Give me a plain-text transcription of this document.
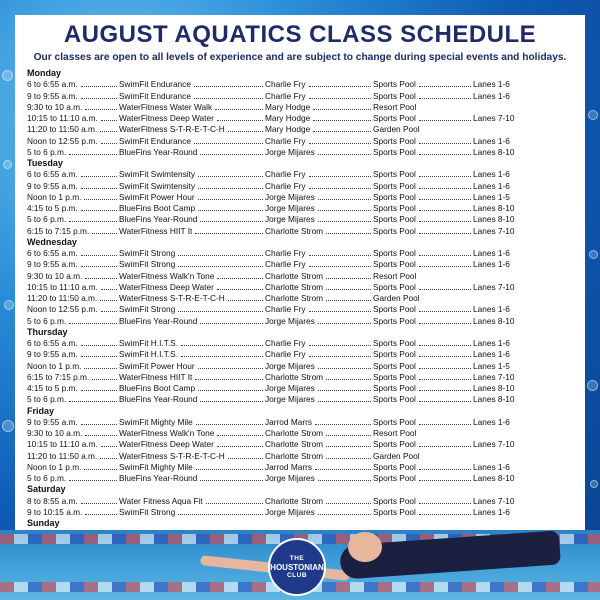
AUGUST AQUATICS CLASS SCHEDULE
Our classes are open to all levels of experience and are subject to change during special events and holidays.
Monday
6 to 6:55 a.m.	SwimFit Endurance	Charlie Fry	Sports Pool	Lanes 1-6
9 to 9:55 a.m.	SwimFit Endurance	Charlie Fry	Sports Pool	Lanes 1-6
9:30 to 10 a.m.	WaterFitness Water Walk	Mary Hodge	Resort Pool
10:15 to 11:10 a.m.	WaterFitness Deep Water	Mary Hodge	Sports Pool	Lanes 7-10
11:20 to 11:50 a.m.	WaterFitness S-T-R-E-T-C-H	Mary Hodge	Garden Pool
Noon to 12:55 p.m.	SwimFit Endurance	Charlie Fry	Sports Pool	Lanes 1-6
5 to 6 p.m.	BlueFins Year-Round	Jorge Mijares	Sports Pool	Lanes 8-10
Tuesday
6 to 6:55 a.m.	SwimFit Swimtensity	Charlie Fry	Sports Pool	Lanes 1-6
9 to 9:55 a.m.	SwimFit Swimtensity	Charlie Fry	Sports Pool	Lanes 1-6
Noon to 1 p.m.	SwimFit Power Hour	Jorge Mijares	Sports Pool	Lanes 1-5
4:15 to 5 p.m.	BlueFins Boot Camp	Jorge Mijares	Sports Pool	Lanes 8-10
5 to 6 p.m.	BlueFins Year-Round	Jorge Mijares	Sports Pool	Lanes 8-10
6:15 to 7:15 p.m.	WaterFitness HIIT It	Charlotte Strom	Sports Pool	Lanes 7-10
Wednesday
6 to 6:55 a.m.	SwimFit Strong	Charlie Fry	Sports Pool	Lanes 1-6
9 to 9:55 a.m.	SwimFit Strong	Charlie Fry	Sports Pool	Lanes 1-6
9:30 to 10 a.m.	WaterFitness Walk'n Tone	Charlotte Strom	Resort Pool
10:15 to 11:10 a.m.	WaterFitness Deep Water	Charlotte Strom	Sports Pool	Lanes 7-10
11:20 to 11:50 a.m.	WaterFitness S-T-R-E-T-C-H	Charlotte Strom	Garden Pool
Noon to 12:55 p.m.	SwimFit Strong	Charlie Fry	Sports Pool	Lanes 1-6
5 to 6 p.m.	BlueFins Year-Round	Jorge Mijares	Sports Pool	Lanes 8-10
Thursday
6 to 6:55 a.m.	SwimFit H.I.T.S.	Charlie Fry	Sports Pool	Lanes 1-6
9 to 9:55 a.m.	SwimFit H.I.T.S.	Charlie Fry	Sports Pool	Lanes 1-6
Noon to 1 p.m.	SwimFit Power Hour	Jorge Mijares	Sports Pool	Lanes 1-5
6:15 to 7:15 p.m.	WaterFitness HIIT It	Charlotte Strom	Sports Pool	Lanes 7-10
4:15 to 5 p.m.	BlueFins Boot Camp	Jorge Mijares	Sports Pool	Lanes 8-10
5 to 6 p.m.	BlueFins Year-Round	Jorge Mijares	Sports Pool	Lanes 8-10
Friday
9 to 9:55 a.m.	SwimFit Mighty Mile	Jarrod Marrs	Sports Pool	Lanes 1-6
9:30 to 10 a.m.	WaterFitness Walk'n Tone	Charlotte Strom	Resort Pool
10:15 to 11:10 a.m.	WaterFitness Deep Water	Charlotte Strom	Sports Pool	Lanes 7-10
11:20 to 11:50 a.m.	WaterFitness S-T-R-E-T-C-H	Charlotte Strom	Garden Pool
Noon to 1 p.m.	SwimFit Mighty Mile	Jarrod Marrs	Sports Pool	Lanes 1-6
5 to 6 p.m.	BlueFins Year-Round	Jorge Mijares	Sports Pool	Lanes 8-10
Saturday
8 to 8:55 a.m.	Water Fitness Aqua Fit	Charlotte Strom	Sports Pool	Lanes 7-10
9 to 10:15 a.m.	SwimFit Strong	Jorge Mijares	Sports Pool	Lanes 1-6
Sunday
THE
HOUSTONIAN
CLUB
